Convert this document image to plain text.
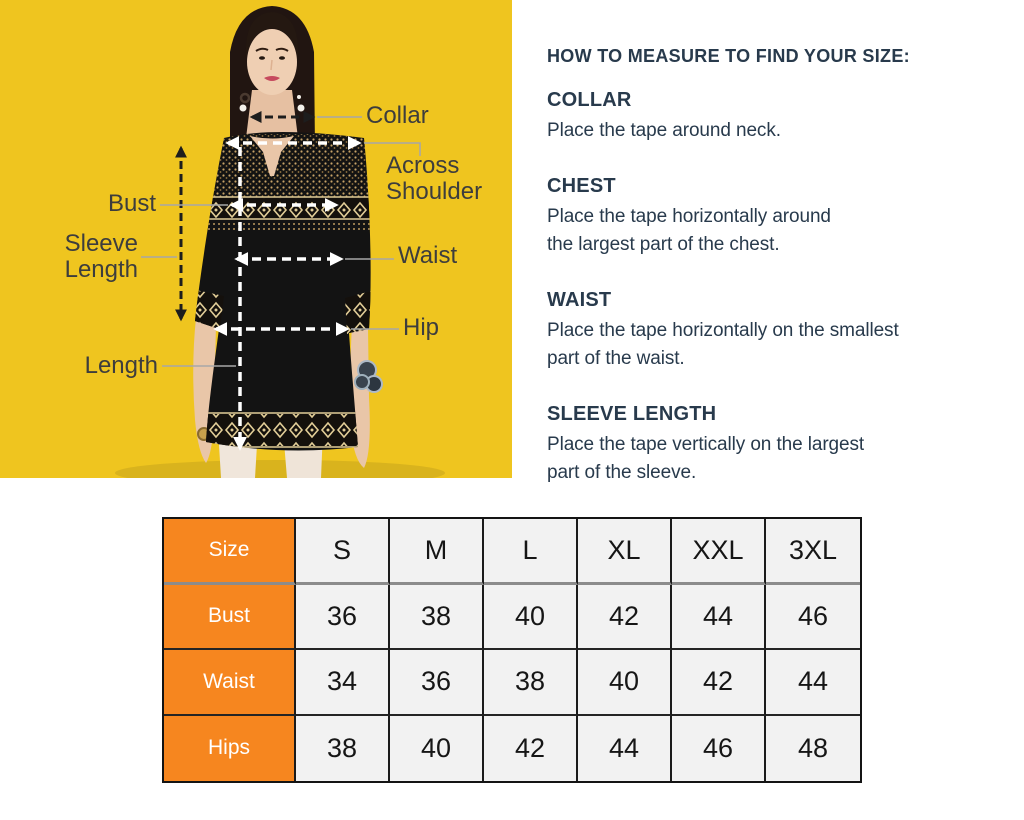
Collar
Across Shoulder
Bust
Sleeve Length
Waist
Hip
Length
HOW TO MEASURE TO FIND YOUR SIZE:
COLLAR

Place the tape around neck.

CHEST

Place the tape horizontally around
the largest part of the chest.

WAIST

Place the tape horizontally on the smallest
part of the waist.

SLEEVE LENGTH

Place the tape vertically on the largest
part of the sleeve.

Size	S	M	L	XL	XXL	3XL
Bust	36	38	40	42	44	46
Waist	34	36	38	40	42	44
Hips	38	40	42	44	46	48
